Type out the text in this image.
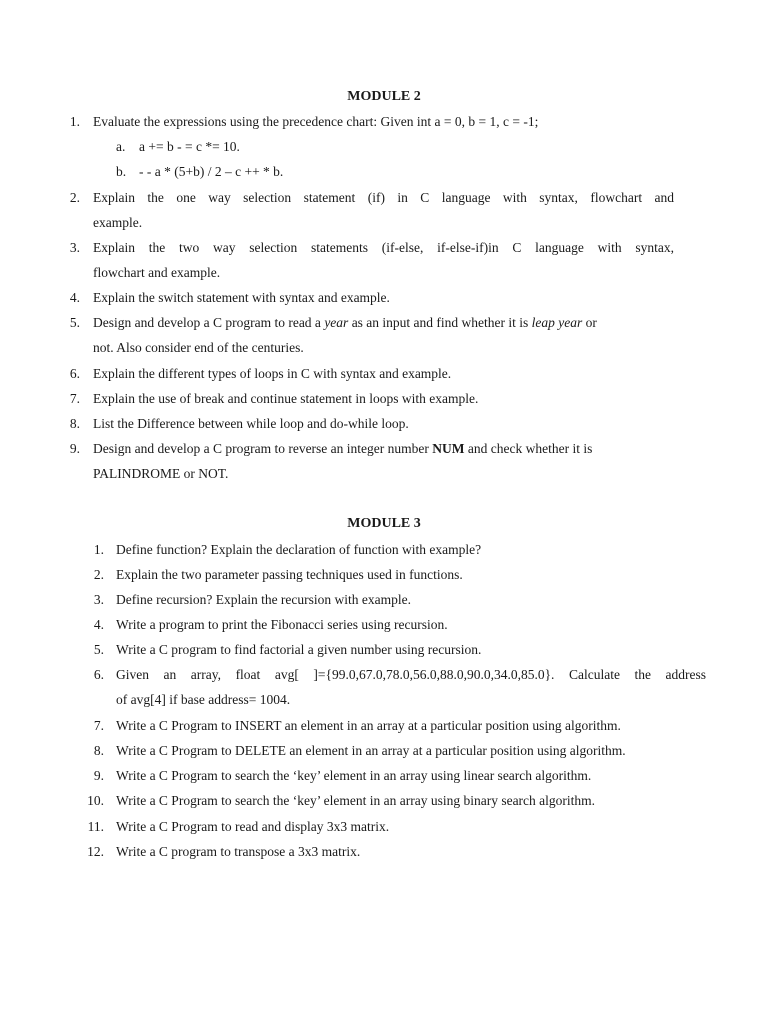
MODULE 2
1. Evaluate the expressions using the precedence chart: Given int a = 0, b = 1, c = -1;
a. a += b - = c *= 10.
b. - - a * (5+b) / 2 – c ++ * b.
2. Explain the one way selection statement (if) in C language with syntax, flowchart and
example.
3. Explain the two way selection statements (if-else, if-else-if)in C language with syntax,
flowchart and example.
4. Explain the switch statement with syntax and example.
5. Design and develop a C program to read a year as an input and find whether it is leap year or
not. Also consider end of the centuries.
6. Explain the different types of loops in C with syntax and example.
7. Explain the use of break and continue statement in loops with example.
8. List the Difference between while loop and do-while loop.
9. Design and develop a C program to reverse an integer number NUM and check whether it is
PALINDROME or NOT.
MODULE 3
1. Define function? Explain the declaration of function with example?
2. Explain the two parameter passing techniques used in functions.
3. Define recursion? Explain the recursion with example.
4. Write a program to print the Fibonacci series using recursion.
5. Write a C program to find factorial a given number using recursion.
6. Given an array, float avg[ ]={99.0,67.0,78.0,56.0,88.0,90.0,34.0,85.0}. Calculate the address
of avg[4] if base address= 1004.
7. Write a C Program to INSERT an element in an array at a particular position using algorithm.
8. Write a C Program to DELETE an element in an array at a particular position using algorithm.
9. Write a C Program to search the ‘key’ element in an array using linear search algorithm.
10. Write a C Program to search the ‘key’ element in an array using binary search algorithm.
11. Write a C Program to read and display 3x3 matrix.
12. Write a C program to transpose a 3x3 matrix.
